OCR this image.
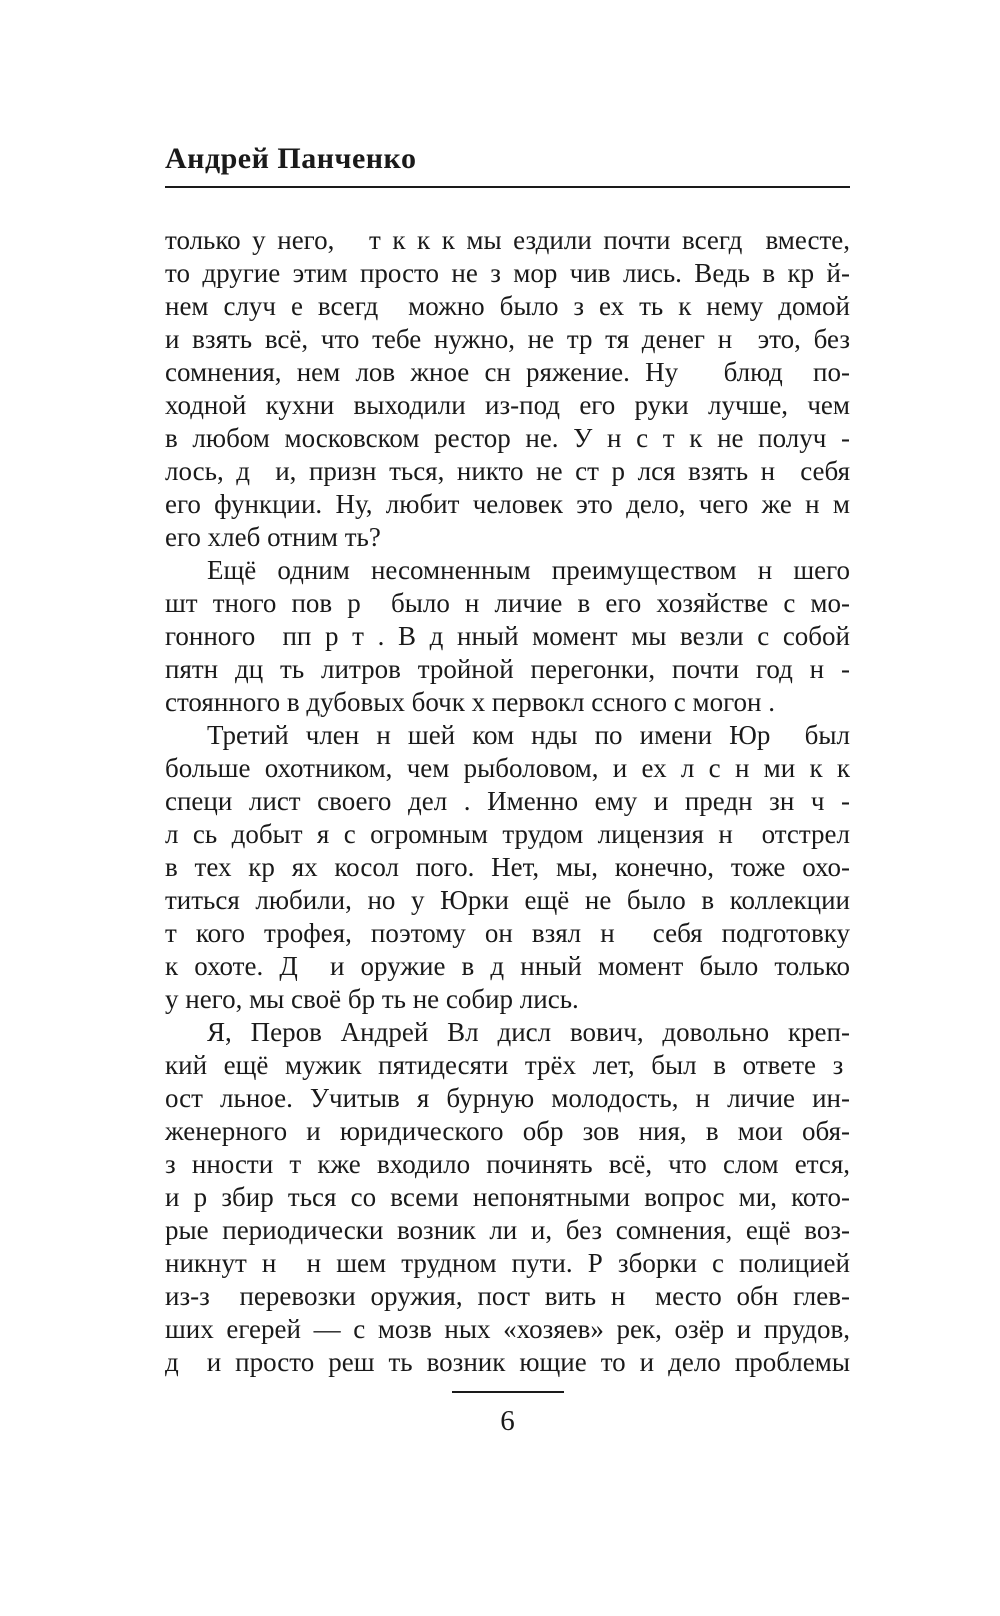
Андрей Панченко
только у него,   т к к к мы ездили почти всегд  вместе,
то другие этим просто не з мор чив лись. Ведь в кр й-
нем случ е всегд  можно было з ех ть к нему домой
и взять всё, что тебе нужно, не тр тя денег н  это, без
сомнения, нем лов жное сн ряжение. Ну   блюд  по-
ходной кухни выходили из-под его руки лучше, чем
в любом московском рестор не. У н с т к не получ -
лось, д  и, призн ться, никто не ст р лся взять н  себя
его функции. Ну, любит человек это дело, чего же н м
его хлеб отним ть?
Ещё одним несомненным преимуществом н шего
шт тного пов р  было н личие в его хозяйстве с мо-
гонного  пп р т . В д нный момент мы везли с собой
пятн дц ть литров тройной перегонки, почти год н -
стоянного в дубовых бочк х первокл ссного с могон .
Третий член н шей ком нды по имени Юр  был
больше охотником, чем рыболовом, и ех л с н ми к к
специ лист своего дел . Именно ему и предн зн ч -
л сь добыт я с огромным трудом лицензия н  отстрел
в тех кр ях косол пого. Нет, мы, конечно, тоже охо-
титься любили, но у Юрки ещё не было в коллекции
т кого трофея, поэтому он взял н  себя подготовку
к охоте. Д  и оружие в д нный момент было только
у него, мы своё бр ть не собир лись.
Я, Перов Андрей Вл дисл вович, довольно креп-
кий ещё мужик пятидесяти трёх лет, был в ответе з
ост льное. Учитыв я бурную молодость, н личие ин-
женерного и юридического обр зов ния, в мои обя-
з нности т кже входило починять всё, что слом ется,
и р збир ться со всеми непонятными вопрос ми, кото-
рые периодически возник ли и, без сомнения, ещё воз-
никнут н  н шем трудном пути. Р зборки с полицией
из-з  перевозки оружия, пост вить н  место обн глев-
ших егерей — с мозв ных «хозяев» рек, озёр и прудов,
д  и просто реш ть возник ющие то и дело проблемы
6
